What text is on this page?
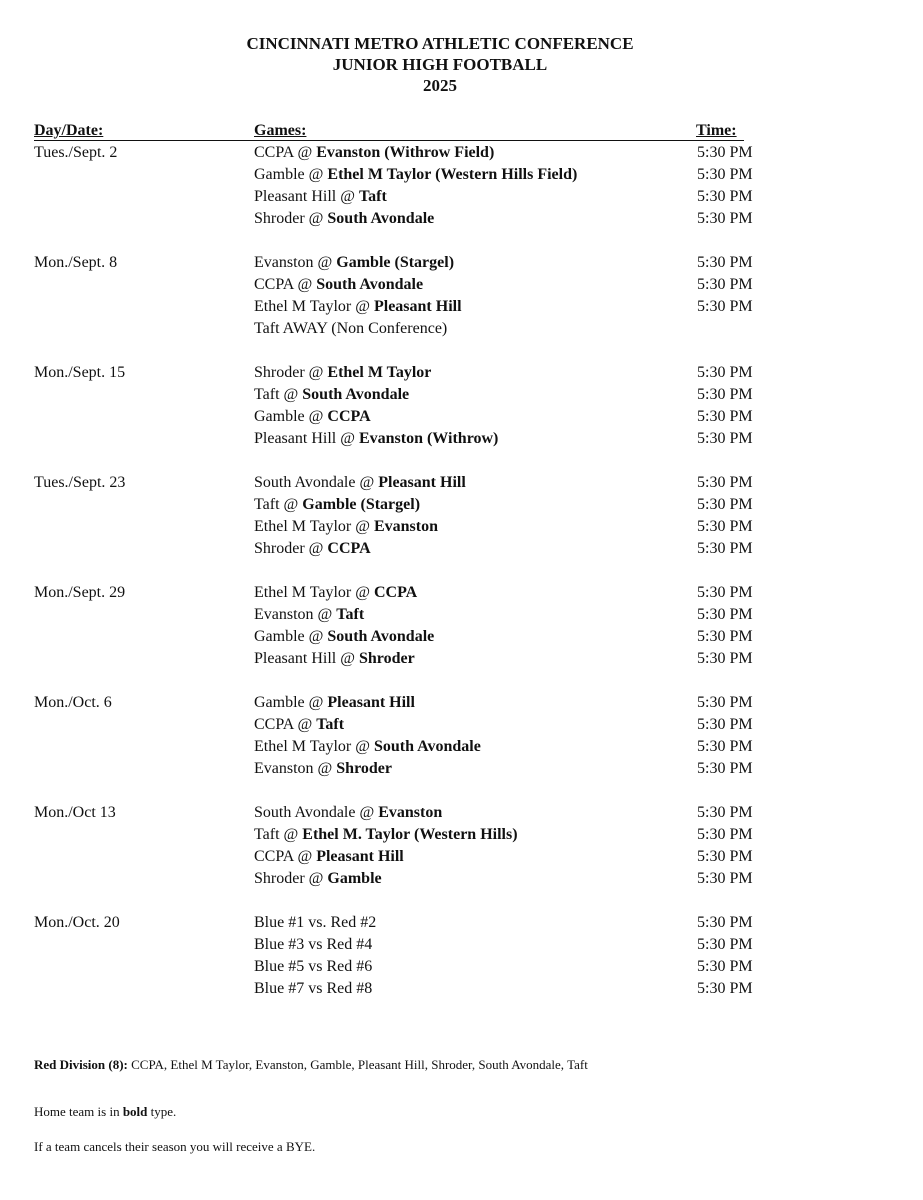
CINCINNATI METRO ATHLETIC CONFERENCE
JUNIOR HIGH FOOTBALL
2025
Day/Date:	Games:	Time:
Tues./Sept. 2	CCPA @ Evanston (Withrow Field)	5:30 PM
Gamble @ Ethel M Taylor (Western Hills Field)	5:30 PM
Pleasant Hill @ Taft	5:30 PM
Shroder @ South Avondale	5:30 PM
Mon./Sept. 8	Evanston @ Gamble (Stargel)	5:30 PM
CCPA @ South Avondale	5:30 PM
Ethel M Taylor @ Pleasant Hill	5:30 PM
Taft AWAY (Non Conference)
Mon./Sept. 15	Shroder @ Ethel M Taylor	5:30 PM
Taft @ South Avondale	5:30 PM
Gamble @ CCPA	5:30 PM
Pleasant Hill @ Evanston (Withrow)	5:30 PM
Tues./Sept. 23	South Avondale @ Pleasant Hill	5:30 PM
Taft @ Gamble (Stargel)	5:30 PM
Ethel M Taylor @ Evanston	5:30 PM
Shroder @ CCPA	5:30 PM
Mon./Sept. 29	Ethel M Taylor @ CCPA	5:30 PM
Evanston @ Taft	5:30 PM
Gamble @ South Avondale	5:30 PM
Pleasant Hill @ Shroder	5:30 PM
Mon./Oct. 6	Gamble @ Pleasant Hill	5:30 PM
CCPA @ Taft	5:30 PM
Ethel M Taylor @ South Avondale	5:30 PM
Evanston @ Shroder	5:30 PM
Mon./Oct 13	South Avondale @ Evanston	5:30 PM
Taft @ Ethel M. Taylor (Western Hills)	5:30 PM
CCPA @ Pleasant Hill	5:30 PM
Shroder @ Gamble	5:30 PM
Mon./Oct. 20	Blue #1 vs. Red #2	5:30 PM
Blue #3 vs Red #4	5:30 PM
Blue #5 vs Red #6	5:30 PM
Blue #7 vs Red #8	5:30 PM
Red Division (8): CCPA, Ethel M Taylor, Evanston, Gamble, Pleasant Hill, Shroder, South Avondale, Taft
Home team is in bold type.
If a team cancels their season you will receive a BYE.
